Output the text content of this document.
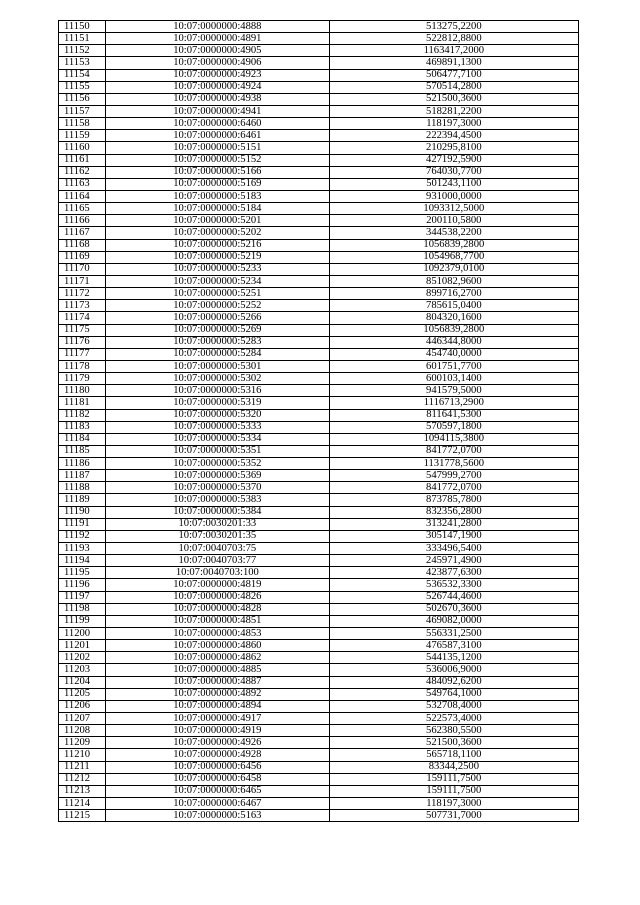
11150	10:07:0000000:4888	513275,2200
11151	10:07:0000000:4891	522812,8800
11152	10:07:0000000:4905	1163417,2000
11153	10:07:0000000:4906	469891,1300
11154	10:07:0000000:4923	506477,7100
11155	10:07:0000000:4924	570514,2800
11156	10:07:0000000:4938	521500,3600
11157	10:07:0000000:4941	518281,2200
11158	10:07:0000000:6460	118197,3000
11159	10:07:0000000:6461	222394,4500
11160	10:07:0000000:5151	210295,8100
11161	10:07:0000000:5152	427192,5900
11162	10:07:0000000:5166	764030,7700
11163	10:07:0000000:5169	501243,1100
11164	10:07:0000000:5183	931000,0000
11165	10:07:0000000:5184	1093312,5000
11166	10:07:0000000:5201	200110,5800
11167	10:07:0000000:5202	344538,2200
11168	10:07:0000000:5216	1056839,2800
11169	10:07:0000000:5219	1054968,7700
11170	10:07:0000000:5233	1092379,0100
11171	10:07:0000000:5234	851082,9600
11172	10:07:0000000:5251	899716,2700
11173	10:07:0000000:5252	785615,0400
11174	10:07:0000000:5266	804320,1600
11175	10:07:0000000:5269	1056839,2800
11176	10:07:0000000:5283	446344,8000
11177	10:07:0000000:5284	454740,0000
11178	10:07:0000000:5301	601751,7700
11179	10:07:0000000:5302	600103,1400
11180	10:07:0000000:5316	941579,5000
11181	10:07:0000000:5319	1116713,2900
11182	10:07:0000000:5320	811641,5300
11183	10:07:0000000:5333	570597,1800
11184	10:07:0000000:5334	1094115,3800
11185	10:07:0000000:5351	841772,0700
11186	10:07:0000000:5352	1131778,5600
11187	10:07:0000000:5369	547999,2700
11188	10:07:0000000:5370	841772,0700
11189	10:07:0000000:5383	873785,7800
11190	10:07:0000000:5384	832356,2800
11191	10:07:0030201:33	313241,2800
11192	10:07:0030201:35	305147,1900
11193	10:07:0040703:75	333496,5400
11194	10:07:0040703:77	245971,4900
11195	10:07:0040703:100	423877,6300
11196	10:07:0000000:4819	536532,3300
11197	10:07:0000000:4826	526744,4600
11198	10:07:0000000:4828	502670,3600
11199	10:07:0000000:4851	469082,0000
11200	10:07:0000000:4853	556331,2500
11201	10:07:0000000:4860	476587,3100
11202	10:07:0000000:4862	544135,1200
11203	10:07:0000000:4885	536006,9000
11204	10:07:0000000:4887	484092,6200
11205	10:07:0000000:4892	549764,1000
11206	10:07:0000000:4894	532708,4000
11207	10:07:0000000:4917	522573,4000
11208	10:07:0000000:4919	562380,5500
11209	10:07:0000000:4926	521500,3600
11210	10:07:0000000:4928	565718,1100
11211	10:07:0000000:6456	83344,2500
11212	10:07:0000000:6458	159111,7500
11213	10:07:0000000:6465	159111,7500
11214	10:07:0000000:6467	118197,3000
11215	10:07:0000000:5163	507731,7000
